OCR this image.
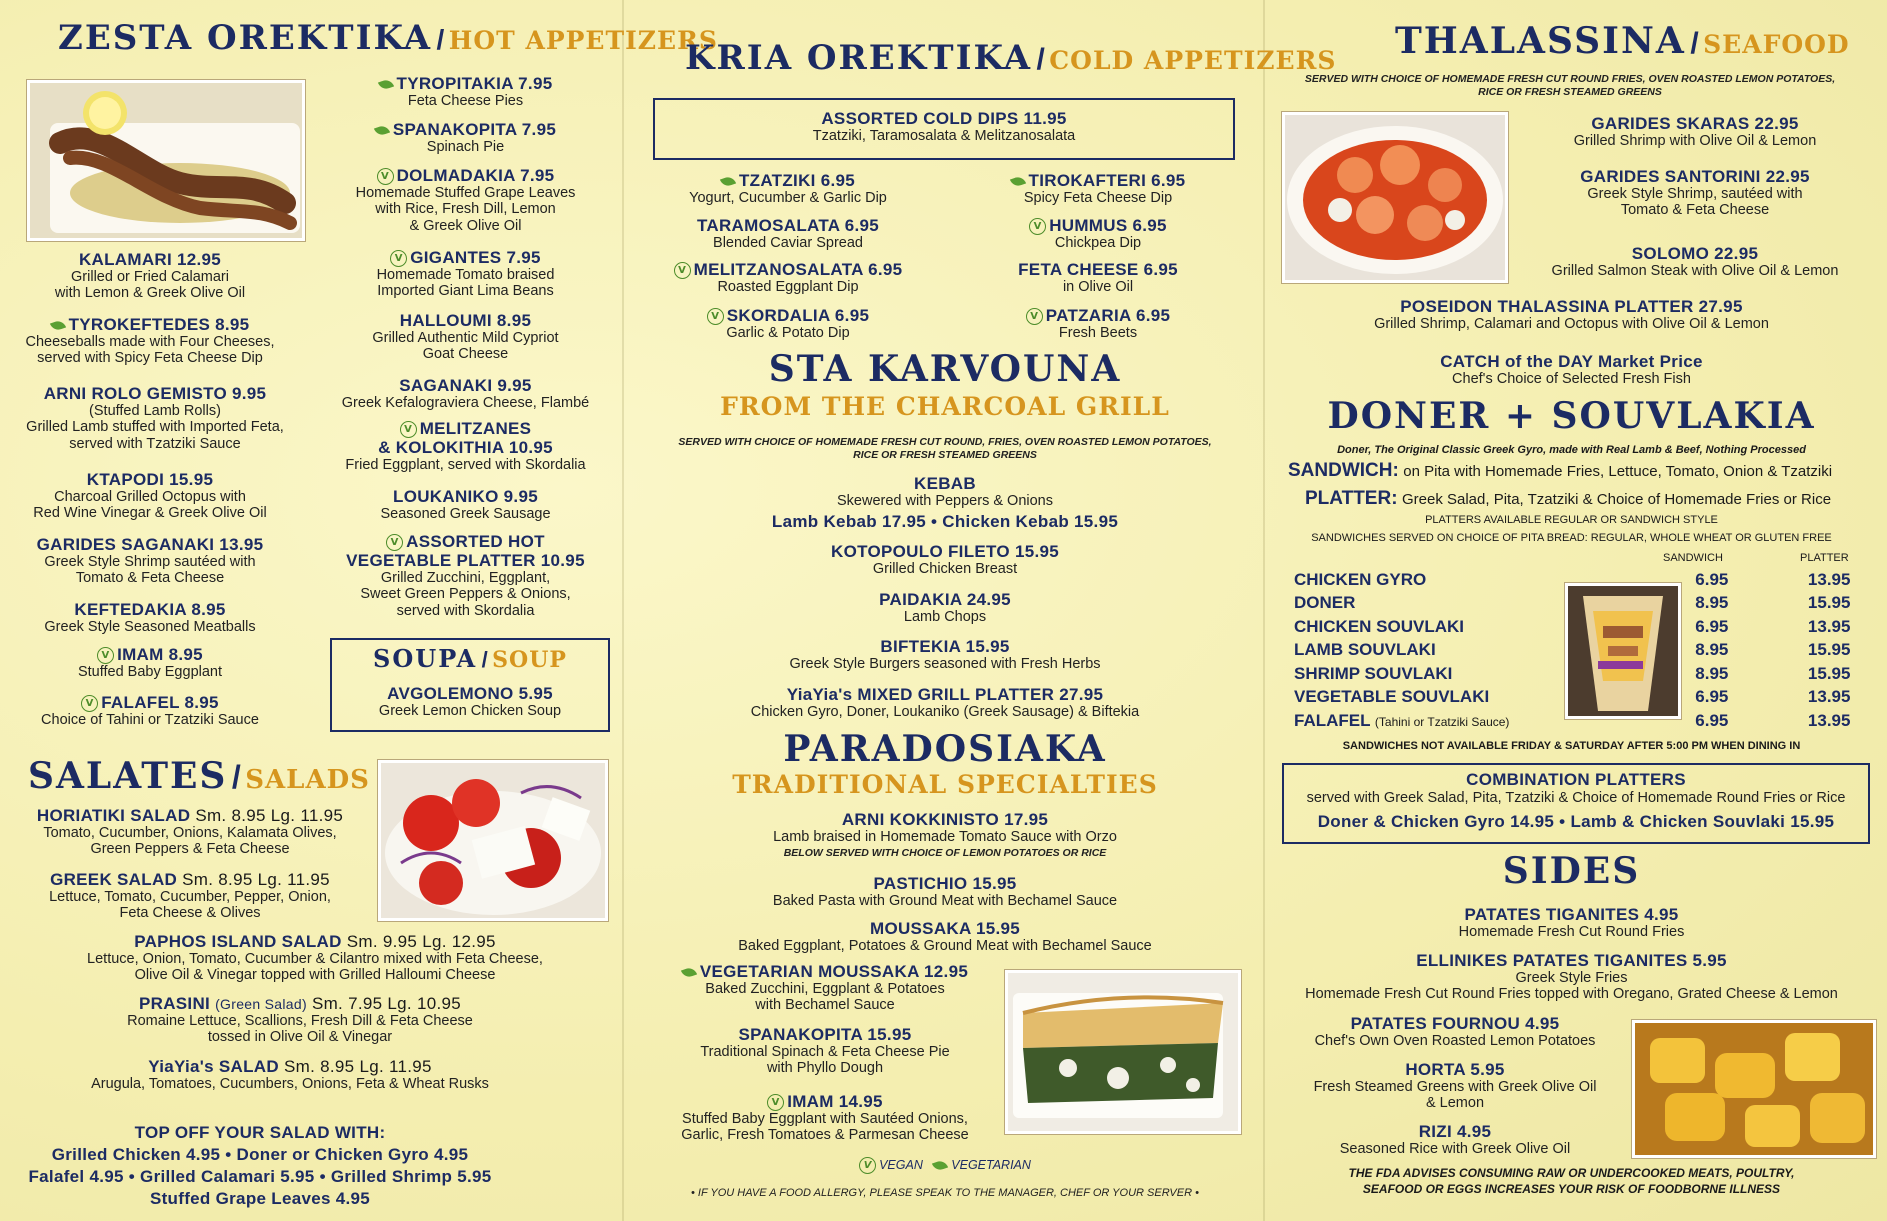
ZESTA OREKTIKA / HOT APPETIZERS
KALAMARI 12.95
Grilled or Fried Calamari
with Lemon & Greek Olive Oil
TYROKEFTEDES 8.95
Cheeseballs made with Four Cheeses,
served with Spicy Feta Cheese Dip
ARNI ROLO GEMISTO 9.95
(Stuffed Lamb Rolls)
Grilled Lamb stuffed with Imported Feta,
served with Tzatziki Sauce
KTAPODI 15.95
Charcoal Grilled Octopus with
Red Wine Vinegar & Greek Olive Oil
GARIDES SAGANAKI 13.95
Greek Style Shrimp sautéed with
Tomato & Feta Cheese
KEFTEDAKIA 8.95
Greek Style Seasoned Meatballs
V IMAM 8.95
Stuffed Baby Eggplant
V FALAFEL 8.95
Choice of Tahini or Tzatziki Sauce
TYROPITAKIA 7.95
Feta Cheese Pies
SPANAKOPITA 7.95
Spinach Pie
V DOLMADAKIA 7.95
Homemade Stuffed Grape Leaves
with Rice, Fresh Dill, Lemon
& Greek Olive Oil
V GIGANTES 7.95
Homemade Tomato braised
Imported Giant Lima Beans
HALLOUMI 8.95
Grilled Authentic Mild Cypriot
Goat Cheese
SAGANAKI 9.95
Greek Kefalograviera Cheese, Flambé
V MELITZANES
& KOLOKITHIA 10.95
Fried Eggplant, served with Skordalia
LOUKANIKO 9.95
Seasoned Greek Sausage
V ASSORTED HOT
VEGETABLE PLATTER 10.95
Grilled Zucchini, Eggplant,
Sweet Green Peppers & Onions,
served with Skordalia
SOUPA / SOUP
AVGOLEMONO 5.95
Greek Lemon Chicken Soup
SALATES / SALADS
HORIATIKI SALAD Sm. 8.95 Lg. 11.95
Tomato, Cucumber, Onions, Kalamata Olives,
Green Peppers & Feta Cheese
GREEK SALAD Sm. 8.95 Lg. 11.95
Lettuce, Tomato, Cucumber, Pepper, Onion,
Feta Cheese & Olives
PAPHOS ISLAND SALAD Sm. 9.95 Lg. 12.95
Lettuce, Onion, Tomato, Cucumber & Cilantro mixed with Feta Cheese,
Olive Oil & Vinegar topped with Grilled Halloumi Cheese
PRASINI (Green Salad) Sm. 7.95 Lg. 10.95
Romaine Lettuce, Scallions, Fresh Dill & Feta Cheese
tossed in Olive Oil & Vinegar
YiaYia's SALAD Sm. 8.95 Lg. 11.95
Arugula, Tomatoes, Cucumbers, Onions, Feta & Wheat Rusks
TOP OFF YOUR SALAD WITH:
Grilled Chicken 4.95 • Doner or Chicken Gyro 4.95
Falafel 4.95 • Grilled Calamari 5.95 • Grilled Shrimp 5.95
Stuffed Grape Leaves 4.95
KRIA OREKTIKA / COLD APPETIZERS
ASSORTED COLD DIPS 11.95
Tzatziki, Taramosalata & Melitzanosalata
TZATZIKI 6.95
Yogurt, Cucumber & Garlic Dip
TARAMOSALATA 6.95
Blended Caviar Spread
V MELITZANOSALATA 6.95
Roasted Eggplant Dip
V SKORDALIA 6.95
Garlic & Potato Dip
TIROKAFTERI 6.95
Spicy Feta Cheese Dip
V HUMMUS 6.95
Chickpea Dip
FETA CHEESE 6.95
in Olive Oil
V PATZARIA 6.95
Fresh Beets
STA KARVOUNA
FROM THE CHARCOAL GRILL
SERVED WITH CHOICE OF HOMEMADE FRESH CUT ROUND, FRIES, OVEN ROASTED LEMON POTATOES,
RICE OR FRESH STEAMED GREENS
KEBAB
Skewered with Peppers & Onions
Lamb Kebab 17.95 • Chicken Kebab 15.95
KOTOPOULO FILETO 15.95
Grilled Chicken Breast
PAIDAKIA 24.95
Lamb Chops
BIFTEKIA 15.95
Greek Style Burgers seasoned with Fresh Herbs
YiaYia's MIXED GRILL PLATTER 27.95
Chicken Gyro, Doner, Loukaniko (Greek Sausage) & Biftekia
PARADOSIAKA
TRADITIONAL SPECIALTIES
ARNI KOKKINISTO 17.95
Lamb braised in Homemade Tomato Sauce with Orzo
BELOW SERVED WITH CHOICE OF LEMON POTATOES OR RICE
PASTICHIO 15.95
Baked Pasta with Ground Meat with Bechamel Sauce
MOUSSAKA 15.95
Baked Eggplant, Potatoes & Ground Meat with Bechamel Sauce
VEGETARIAN MOUSSAKA 12.95
Baked Zucchini, Eggplant & Potatoes
with Bechamel Sauce
SPANAKOPITA 15.95
Traditional Spinach & Feta Cheese Pie
with Phyllo Dough
V IMAM 14.95
Stuffed Baby Eggplant with Sautéed Onions,
Garlic, Fresh Tomatoes & Parmesan Cheese
V VEGAN VEGETARIAN
• IF YOU HAVE A FOOD ALLERGY, PLEASE SPEAK TO THE MANAGER, CHEF OR YOUR SERVER •
THALASSINA / SEAFOOD
SERVED WITH CHOICE OF HOMEMADE FRESH CUT ROUND FRIES, OVEN ROASTED LEMON POTATOES,
RICE OR FRESH STEAMED GREENS
GARIDES SKARAS 22.95
Grilled Shrimp with Olive Oil & Lemon
GARIDES SANTORINI 22.95
Greek Style Shrimp, sautéed with
Tomato & Feta Cheese
SOLOMO 22.95
Grilled Salmon Steak with Olive Oil & Lemon
POSEIDON THALASSINA PLATTER 27.95
Grilled Shrimp, Calamari and Octopus with Olive Oil & Lemon
CATCH of the DAY Market Price
Chef's Choice of Selected Fresh Fish
DONER + SOUVLAKIA
Doner, The Original Classic Greek Gyro, made with Real Lamb & Beef, Nothing Processed
SANDWICH: on Pita with Homemade Fries, Lettuce, Tomato, Onion & Tzatziki
PLATTER: Greek Salad, Pita, Tzatziki & Choice of Homemade Fries or Rice
PLATTERS AVAILABLE REGULAR OR SANDWICH STYLE
SANDWICHES SERVED ON CHOICE OF PITA BREAD: REGULAR, WHOLE WHEAT OR GLUTEN FREE
SANDWICH	PLATTER
CHICKEN GYRO	6.95	13.95
DONER	8.95	15.95
CHICKEN SOUVLAKI	6.95	13.95
LAMB SOUVLAKI	8.95	15.95
SHRIMP SOUVLAKI	8.95	15.95
VEGETABLE SOUVLAKI	6.95	13.95
FALAFEL (Tahini or Tzatziki Sauce)	6.95	13.95
SANDWICHES NOT AVAILABLE FRIDAY & SATURDAY AFTER 5:00 PM WHEN DINING IN
COMBINATION PLATTERS
served with Greek Salad, Pita, Tzatziki & Choice of Homemade Round Fries or Rice
Doner & Chicken Gyro 14.95 • Lamb & Chicken Souvlaki 15.95
SIDES
PATATES TIGANITES 4.95
Homemade Fresh Cut Round Fries
ELLINIKES PATATES TIGANITES 5.95
Greek Style Fries
Homemade Fresh Cut Round Fries topped with Oregano, Grated Cheese & Lemon
PATATES FOURNOU 4.95
Chef's Own Oven Roasted Lemon Potatoes
HORTA 5.95
Fresh Steamed Greens with Greek Olive Oil
& Lemon
RIZI 4.95
Seasoned Rice with Greek Olive Oil
THE FDA ADVISES CONSUMING RAW OR UNDERCOOKED MEATS, POULTRY,
SEAFOOD OR EGGS INCREASES YOUR RISK OF FOODBORNE ILLNESS
